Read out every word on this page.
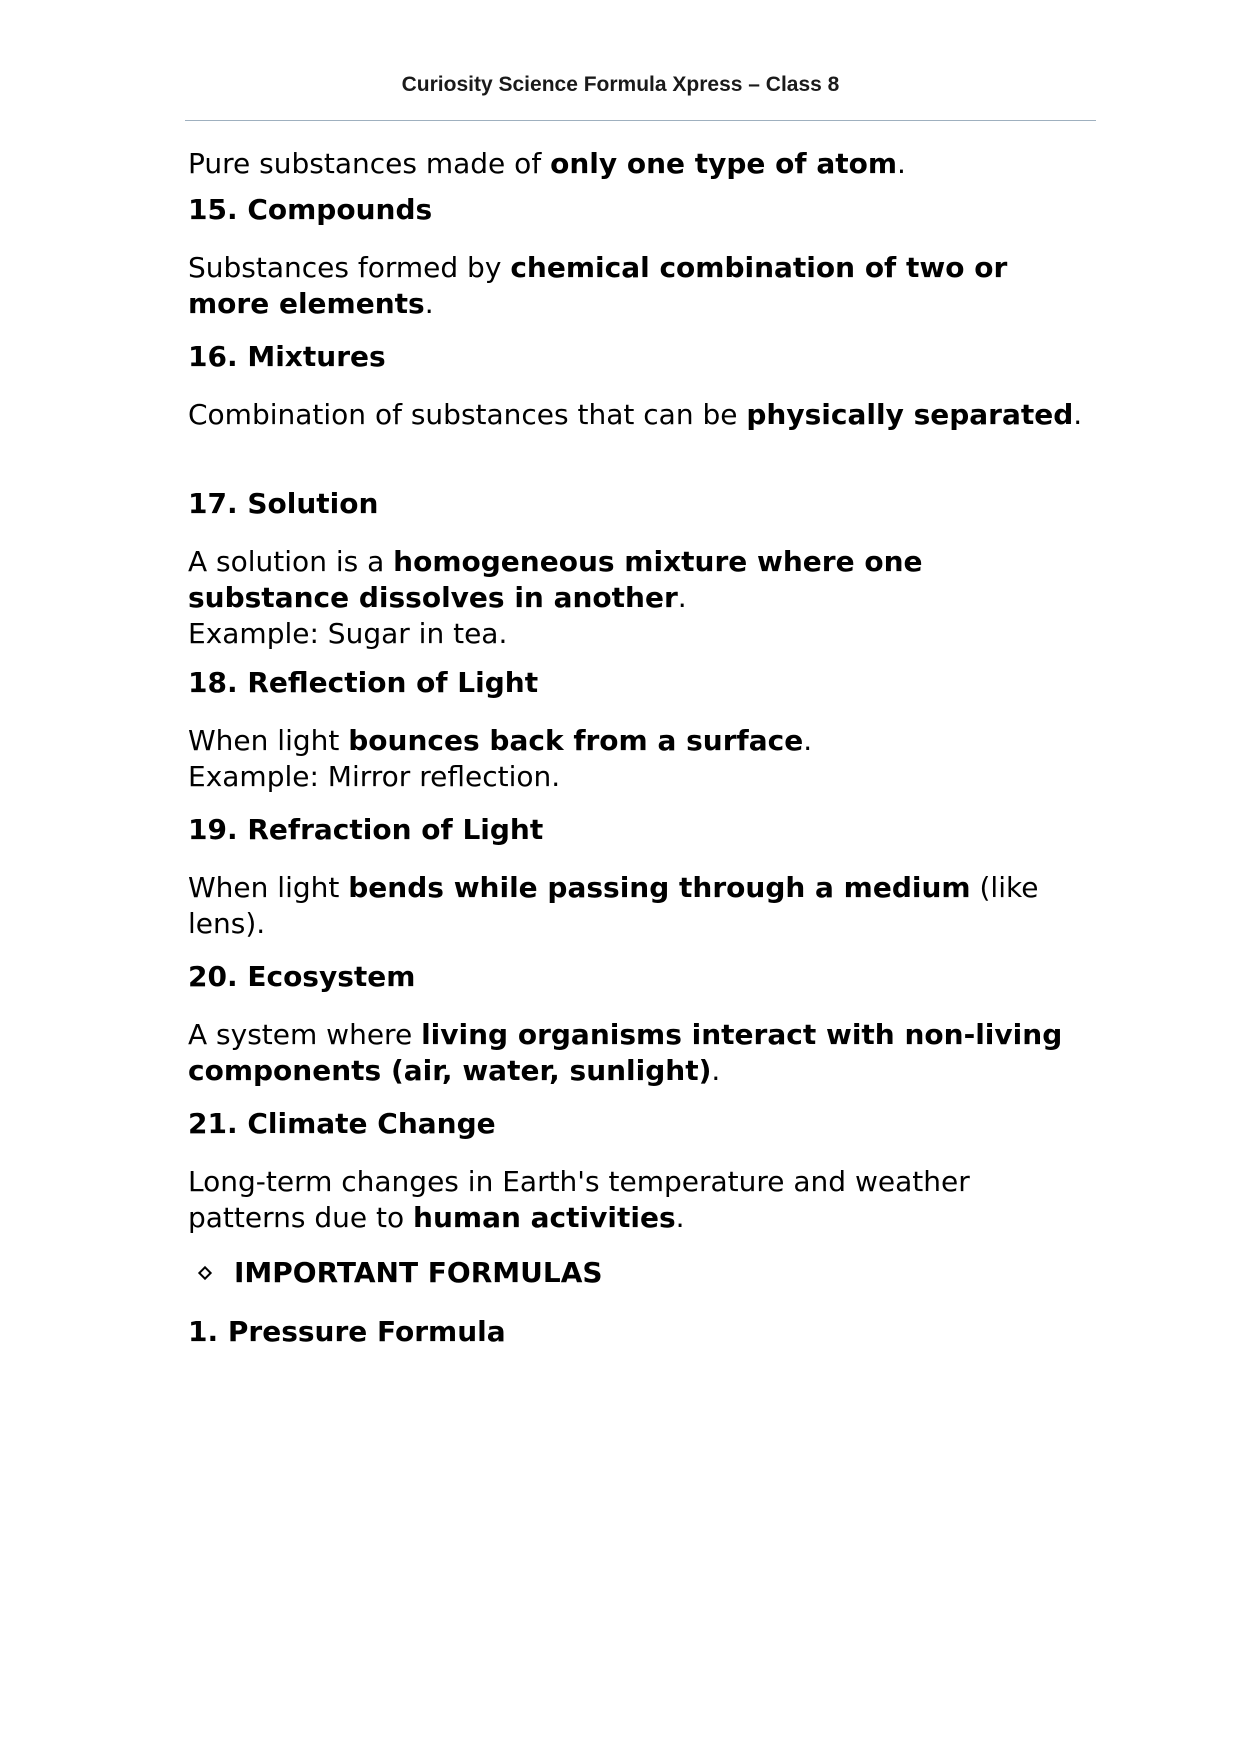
Curiosity Science Formula Xpress – Class 8

Pure substances made of only one type of atom.

15. Compounds

Substances formed by chemical combination of two or more elements.

16. Mixtures

Combination of substances that can be physically separated.

17. Solution

A solution is a homogeneous mixture where one substance dissolves in another.
Example: Sugar in tea.

18. Reflection of Light

When light bounces back from a surface.
Example: Mirror reflection.

19. Refraction of Light

When light bends while passing through a medium (like lens).

20. Ecosystem

A system where living organisms interact with non-living components (air, water, sunlight).

21. Climate Change

Long-term changes in Earth's temperature and weather patterns due to human activities.

IMPORTANT FORMULAS
1. Pressure Formula
